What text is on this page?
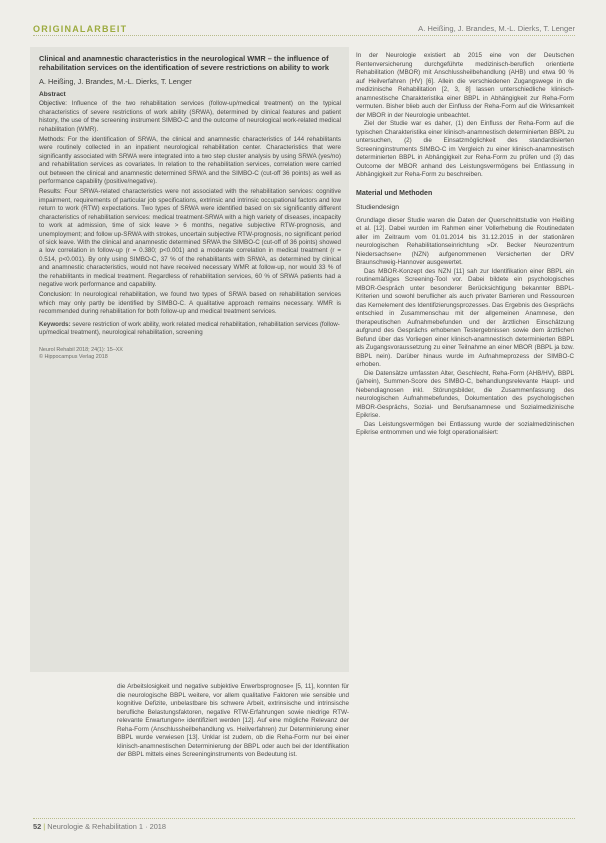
ORIGINALARBEIT	A. Heißing, J. Brandes, M.-L. Dierks, T. Lenger

Clinical and anamnestic characteristics in the neurological WMR – the influence of rehabilitation services on the identification of severe restrictions on ability to work

A. Heißing, J. Brandes, M.-L. Dierks, T. Lenger
Abstract

Objective: Influence of the two rehabilitation services (follow-up/medical treatment) on the typical characteristics of severe restrictions of work ability (SRWA), determined by clinical features and patient history, the use of the screening instrument SIMBO-C and the outcome of neurological work-related medical rehabilitation (WMR).

Methods: For the identification of SRWA, the clinical and anamnestic characteristics of 144 rehabilitants were routinely collected in an inpatient neurological rehabilitation center. Characteristics that were significantly associated with SRWA were integrated into a two step cluster analysis by using SRWA (yes/no) and rehabilitation services as covariates. In relation to the rehabilitation services, correlation were carried out between the clinical and anamnestic determined SRWA and the SIMBO-C (cut-off 36 points) as well as performance capability (positive/negative).

Results: Four SRWA-related characteristics were not associated with the rehabilitation services: cognitive impairment, requirements of particular job specifications, extrinsic and intrinsic occupational factors and low return to work (RTW) expectations. Two types of SRWA were identified based on six significantly different characteristics of rehabilitation services: medical treatment-SRWA with a high variety of diseases, incapacity to work at admission, time of sick leave > 6 months, negative subjective RTW-prognosis, and unemployment; and follow up-SRWA with strokes, uncertain subjective RTW-prognosis, no significant period of sick leave. With the clinical and anamnestic determined SRWA the SIMBO-C (cut-off of 36 points) showed a low correlation in follow-up (r = 0.380; p<0.001) and a moderate correlation in medical treatment (r = 0.514, p<0.001). By only using SIMBO-C, 37 % of the rehabilitants with SRWA, as determined by clinical and anamnestic characteristics, would not have received necessary WMR at follow-up, nor would 33 % of the rehabilitants in medical treatment. Regardless of rehabilitation services, 60 % of SRWA patients had a negative work performance and capability.

Conclusion: In neurological rehabilitation, we found two types of SRWA based on rehabilitation services which may only partly be identified by SIMBO-C. A qualitative approach remains necessary. WMR is recommended during rehabilitation for both follow-up and medical treatment services.

Keywords: severe restriction of work ability, work related medical rehabilitation, rehabilitation services (follow-up/medical treatment), neurological rehabilitation, screening
Neurol Rehabil 2018; 24(1): 15–XX
© Hippocampus Verlag 2018

die Arbeitslosigkeit und negative subjektive Erwerbsprognose« [5, 11], konnten für die neurologische BBPL weitere, vor allem qualitative Faktoren wie sensible und kognitive Defizite, unbelastbare bis schwere Arbeit, extrinsische und intrinsische berufliche Belastungsfaktoren, negative RTW-Erfahrungen sowie niedrige RTW-relevante Erwartungen« identifiziert werden [12]. Auf eine mögliche Relevanz der Reha-Form (Anschlussheilbehandlung vs. Heilverfahren) zur Determinierung einer BBPL wurde verwiesen [13]. Unklar ist zudem, ob die Reha-Form nur bei einer klinisch-anamnestischen Determinierung der BBPL oder auch bei der Identifikation der BBPL mittels eines Screeninginstruments von Bedeutung ist.

In der Neurologie existiert ab 2015 eine von der Deutschen Rentenversicherung durchgeführte medizinisch-beruflich orientierte Rehabilitation (MBOR) mit Anschlussheilbehandlung (AHB) und etwa 90 % auf Heilverfahren (HV) [6]. Allein die verschiedenen Zugangswege in die medizinische Rehabilitation [2, 3, 8] lassen unterschiedliche klinisch-anamnestische Charakteristika einer BBPL in Abhängigkeit zur Reha-Form vermuten. Bisher blieb auch der Einfluss der Reha-Form auf die Wirksamkeit der MBOR in der Neurologie unbeachtet.

Ziel der Studie war es daher, (1) den Einfluss der Reha-Form auf die typischen Charakteristika einer klinisch-anamnestisch determinierten BBPL zu untersuchen, (2) die Einsatzmöglichkeit des standardisierten Screeninginstruments SIMBO-C im Vergleich zu einer klinisch-anamnestisch determinierten BBPL in Abhängigkeit zur Reha-Form zu prüfen und (3) das Outcome der MBOR anhand des Leistungsvermögens bei Entlassung in Abhängigkeit zur Reha-Form zu beschreiben.

Material und Methoden
Studiendesign

Grundlage dieser Studie waren die Daten der Querschnittstudie von Heißing et al. [12]. Dabei wurden im Rahmen einer Vollerhebung die Routinedaten aller im Zeitraum vom 01.01.2014 bis 31.12.2015 in der stationären neurologischen Rehabilitationseinrichtung »Dr. Becker Neurozentrum Niedersachsen« (NZN) aufgenommenen Versicherten der DRV Braunschweig-Hannover ausgewertet.

Das MBOR-Konzept des NZN [11] sah zur Identifikation einer BBPL ein routinemäßiges Screening-Tool vor. Dabei bildete ein psychologisches MBOR-Gespräch unter besonderer Berücksichtigung bekannter BBPL-Kriterien und sowohl beruflicher als auch privater Barrieren und Ressourcen das Kernelement des Identifizierungsprozesses. Das Ergebnis des Gesprächs entschied in Zusammenschau mit der allgemeinen Anamnese, den therapeutischen Aufnahmebefunden und der ärztlichen Einschätzung aufgrund des Gesprächs erhobenen Testergebnissen sowie dem ärztlichen Befund über das Vorliegen einer klinisch-anamnestisch determinierten BBPL als Zugangsvoraussetzung zu einer Teilnahme an einer MBOR (BBPL ja bzw. BBPL nein). Darüber hinaus wurde im Aufnahmeprozess der SIMBO-C erhoben.

Die Datensätze umfassten Alter, Geschlecht, Reha-Form (AHB/HV), BBPL (ja/nein), Summen-Score des SIMBO-C, behandlungsrelevante Haupt- und Nebendiagnosen inkl. Störungsbilder, die Zusammenfassung des neurologischen Aufnahmebefundes, Dokumentation des psychologischen MBOR-Gesprächs, Sozial- und Berufsanamnese und Sozialmedizinische Epikrise.

Das Leistungsvermögen bei Entlassung wurde der sozialmedizinischen Epikrise entnommen und wie folgt operationalisiert:

52 | Neurologie & Rehabilitation 1 · 2018
